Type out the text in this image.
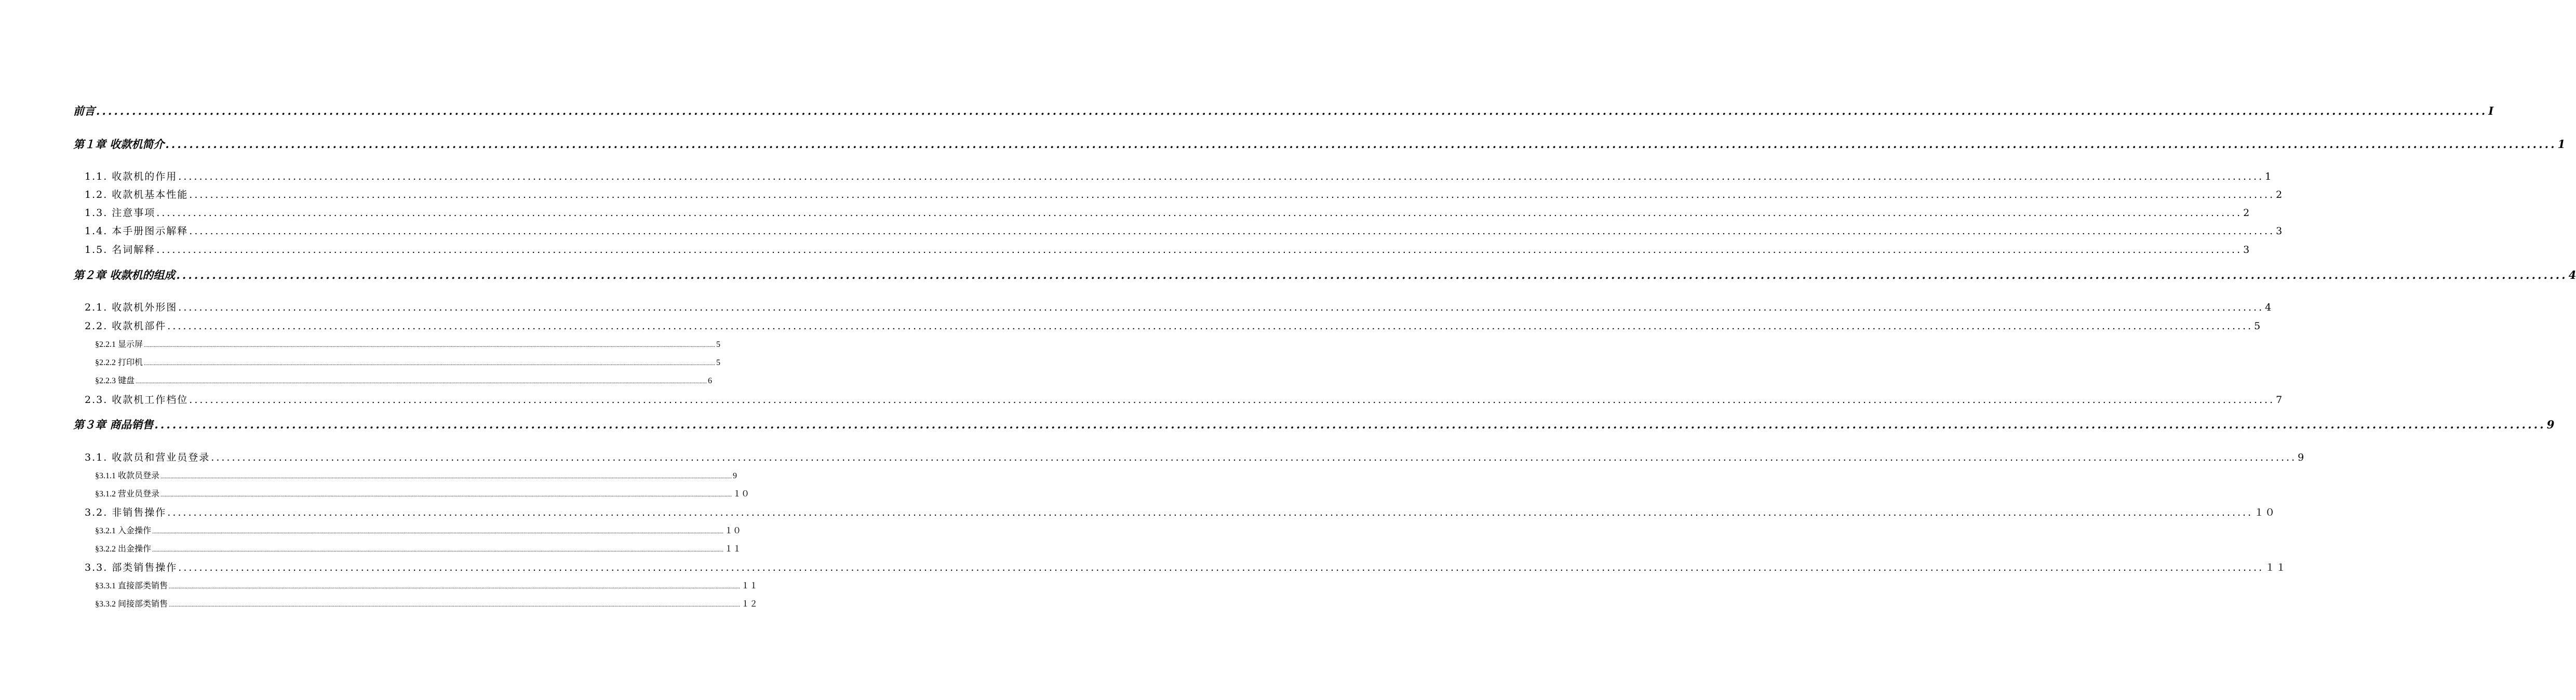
前言 ................................................................................................................................................................................................................................................................................................................................................................................................................ I
第１章 收款机简介 ................................................................................................................................................................................................................................................................................................................................................................................................................ 1
1.1. 收款机的作用 ................................................................................................................................................................................................................................................................................................................................................................................................................ 1
1.2. 收款机基本性能 ................................................................................................................................................................................................................................................................................................................................................................................................................ 2
1.3. 注意事项 ................................................................................................................................................................................................................................................................................................................................................................................................................ 2
1.4. 本手册图示解释 ................................................................................................................................................................................................................................................................................................................................................................................................................ 3
1.5. 名词解释 ................................................................................................................................................................................................................................................................................................................................................................................................................ 3
第２章 收款机的组成 ................................................................................................................................................................................................................................................................................................................................................................................................................ 4
2.1. 收款机外形图 ................................................................................................................................................................................................................................................................................................................................................................................................................ 4
2.2. 收款机部件 ................................................................................................................................................................................................................................................................................................................................................................................................................ 5
§2.2.1 显示屏 ................................................................................................................................................................................................................................................................................................................................................................................................................ 5
§2.2.2 打印机 ................................................................................................................................................................................................................................................................................................................................................................................................................ 5
§2.2.3 键盘 ................................................................................................................................................................................................................................................................................................................................................................................................................ 6
2.3. 收款机工作档位 ................................................................................................................................................................................................................................................................................................................................................................................................................ 7
第３章 商品销售 ................................................................................................................................................................................................................................................................................................................................................................................................................ 9
3.1. 收款员和营业员登录 ................................................................................................................................................................................................................................................................................................................................................................................................................ 9
§3.1.1 收款员登录 ................................................................................................................................................................................................................................................................................................................................................................................................................ 9
§3.1.2 营业员登录 ................................................................................................................................................................................................................................................................................................................................................................................................................ １０
3.2. 非销售操作 ................................................................................................................................................................................................................................................................................................................................................................................................................ １０
§3.2.1 入金操作 ................................................................................................................................................................................................................................................................................................................................................................................................................ １０
§3.2.2 出金操作 ................................................................................................................................................................................................................................................................................................................................................................................................................ １１
3.3. 部类销售操作 ................................................................................................................................................................................................................................................................................................................................................................................................................ １１
§3.3.1 直接部类销售 ................................................................................................................................................................................................................................................................................................................................................................................................................ １１
§3.3.2 间接部类销售 ................................................................................................................................................................................................................................................................................................................................................................................................................ １２
